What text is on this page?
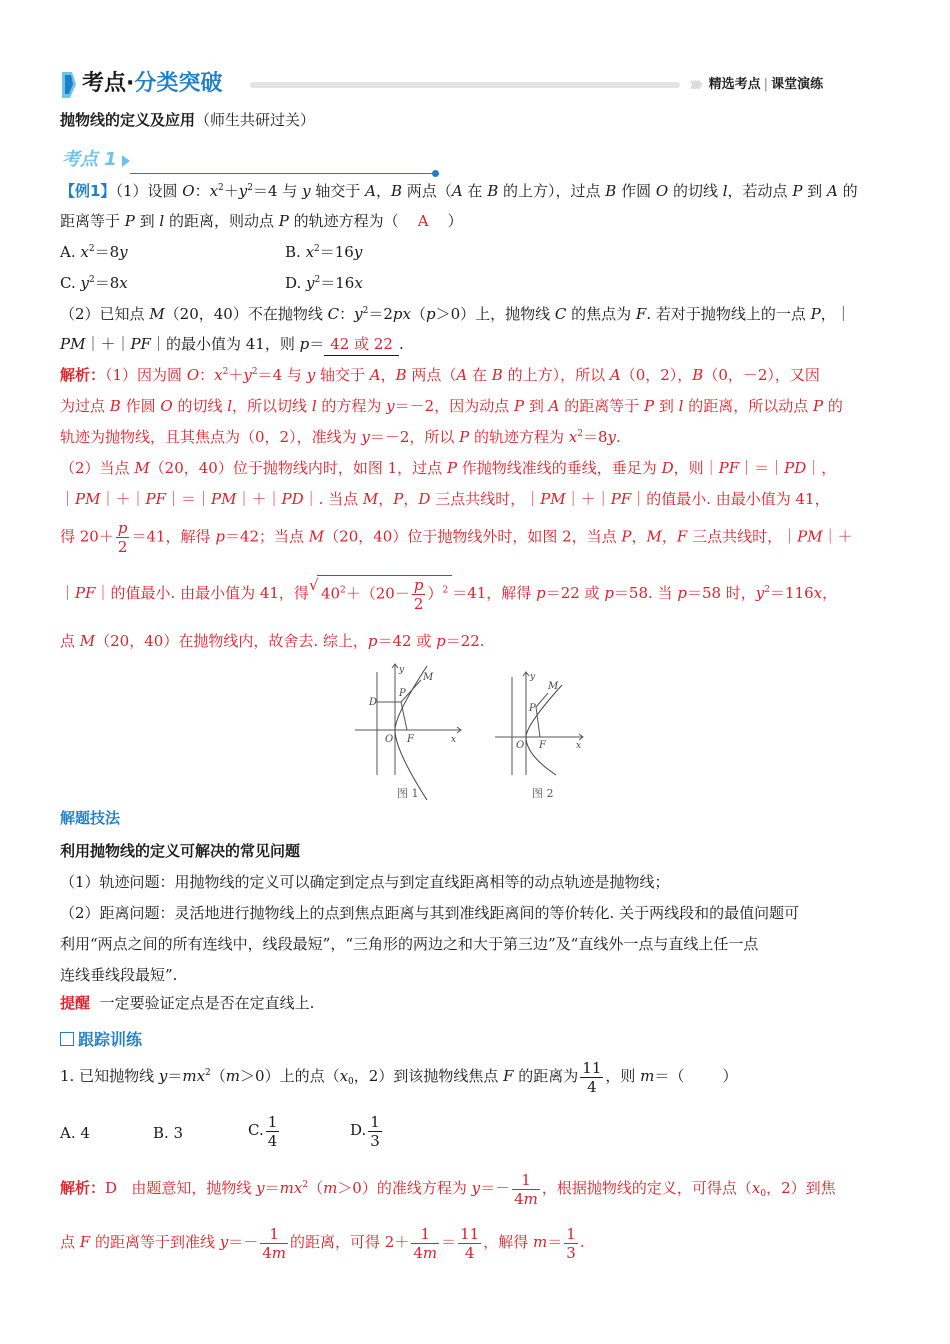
考点·分类突破	》》》》 精选考点 | 课堂演练
抛物线的定义及应用（师生共研过关）
考点 1
【例1】（1）设圆 O：$x^2+y^2=4$ 与 y 轴交于 A，B 两点（A 在 B 的上方），过点 B 作圆 O 的切线 l，若动点 P 到 A 的
距离等于 P 到 l 的距离，则动点 P 的轨迹方程为（    A    ）
A. $x^2=8y$	B. $x^2=16y$
C. $y^2=8x$	D. $y^2=16x$
（2）已知点 M（20，40）不在抛物线 C：$y^2=2px(p>0)$上，抛物线 C 的焦点为 F. 若对于抛物线上的一点 P，｜
PM｜＋｜PF｜的最小值为 41，则 p＝ 42 或 22 .
解析：（1）因为圆 O：$x^2+y^2=4$ 与 y 轴交于 A，B 两点（A 在 B 的上方），所以 A（0，2），B（0，－2），又因
为过点 B 作圆 O 的切线 l，所以切线 l 的方程为 y＝－2，因为动点 P 到 A 的距离等于 P 到 l 的距离，所以动点 P 的
轨迹为抛物线，且其焦点为（0，2），准线为 y＝－2，所以 P 的轨迹方程为 $x^2=8y$.
（2）当点 M（20，40）位于抛物线内时，如图 1，过点 P 作抛物线准线的垂线，垂足为 D，则｜PF｜＝｜PD｜，
｜PM｜＋｜PF｜＝｜PM｜＋｜PD｜. 当点 M，P，D 三点共线时，｜PM｜＋｜PF｜的值最小. 由最小值为 41，
得 $20+ \frac{p}{2} =41$，解得 p＝42；当点 M（20，40）位于抛物线外时，如图 2，当点 P，M，F 三点共线时，｜PM｜＋
｜PF｜的值最小. 由最小值为 41，得 √ $40^2+(20- \frac{p}{2} )^2 =41$，解得 p＝22 或 p＝58. 当 p＝58 时，$y^2=116x$，
点 M（20，40）在抛物线内，故舍去. 综上，p＝42 或 p＝22.
D
P
M
O F	x
y
图 1
P
M
O F	x
y
图 2
解题技法
利用抛物线的定义可解决的常见问题
（1）轨迹问题：用抛物线的定义可以确定到定点与到定直线距离相等的动点轨迹是抛物线；
（2）距离问题：灵活地进行抛物线上的点到焦点距离与其到准线距离间的等价转化. 关于两线段和的最值问题可
利用“两点之间的所有连线中，线段最短”，“三角形的两边之和大于第三边”及“直线外一点与直线上任一点
连线垂线段最短”.
提醒 一定要验证定点是否在定直线上.
跟踪训练
1. 已知抛物线 $y=mx^2(m>0)$上的点（$x_0$，2）到该抛物线焦点 F 的距离为 $\frac{11}{4}$ ，则 m＝（        ）
A. 4	B. 3	C. $\frac{1}{4}$	D. $\frac{1}{3}$
解析：D   由题意知，抛物线 $y=mx^2(m>0)$的准线方程为 $y=- \frac{1}{4m}$ ，根据抛物线的定义，可得点（$x_0$，2）到焦
点 F 的距离等于到准线 $y=- \frac{1}{4m}$ 的距离，可得 $2+ \frac{1}{4m} = \frac{11}{4}$ ，解得 $m= \frac{1}{3}$ .
